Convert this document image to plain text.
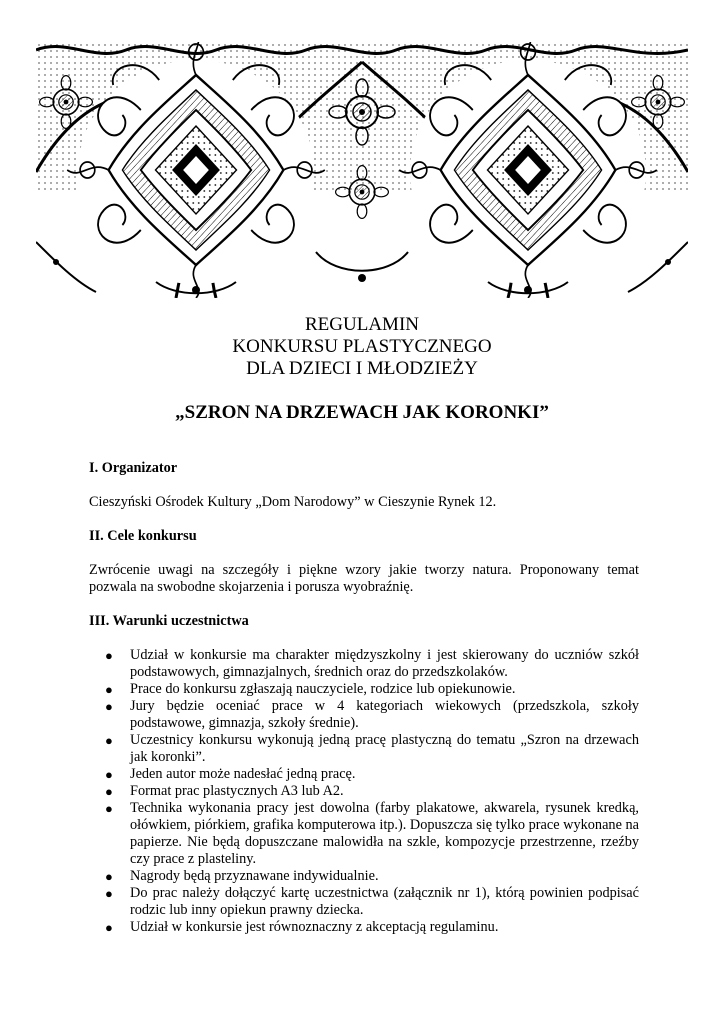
REGULAMIN
KONKURSU PLASTYCZNEGO
DLA DZIECI I MŁODZIEŻY
„SZRON NA DRZEWACH JAK KORONKI”

I. Organizator

Cieszyński Ośrodek Kultury „Dom Narodowy” w Cieszynie Rynek 12.

II. Cele konkursu

Zwrócenie uwagi na szczegóły i piękne wzory jakie tworzy natura. Proponowany temat pozwala na swobodne skojarzenia i porusza wyobraźnię.

III. Warunki uczestnictwa

● Udział w konkursie ma charakter międzyszkolny i jest skierowany do uczniów szkół podstawowych, gimnazjalnych, średnich oraz do przedszkolaków.
● Prace do konkursu zgłaszają nauczyciele, rodzice lub opiekunowie.
● Jury będzie oceniać prace w 4 kategoriach wiekowych (przedszkola, szkoły podstawowe, gimnazja, szkoły średnie).
● Uczestnicy konkursu wykonują jedną pracę plastyczną do tematu „Szron na drzewach jak koronki”.
● Jeden autor może nadesłać jedną pracę.
● Format prac plastycznych A3 lub A2.
● Technika wykonania pracy jest dowolna (farby plakatowe, akwarela, rysunek kredką, ołówkiem, piórkiem, grafika komputerowa itp.). Dopuszcza się tylko prace wykonane na papierze. Nie będą dopuszczane malowidła na szkle, kompozycje przestrzenne, rzeźby czy prace z plasteliny.
● Nagrody będą przyznawane indywidualnie.
● Do prac należy dołączyć kartę uczestnictwa (załącznik nr 1), którą powinien podpisać rodzic lub inny opiekun prawny dziecka.
● Udział w konkursie jest równoznaczny z akceptacją regulaminu.
